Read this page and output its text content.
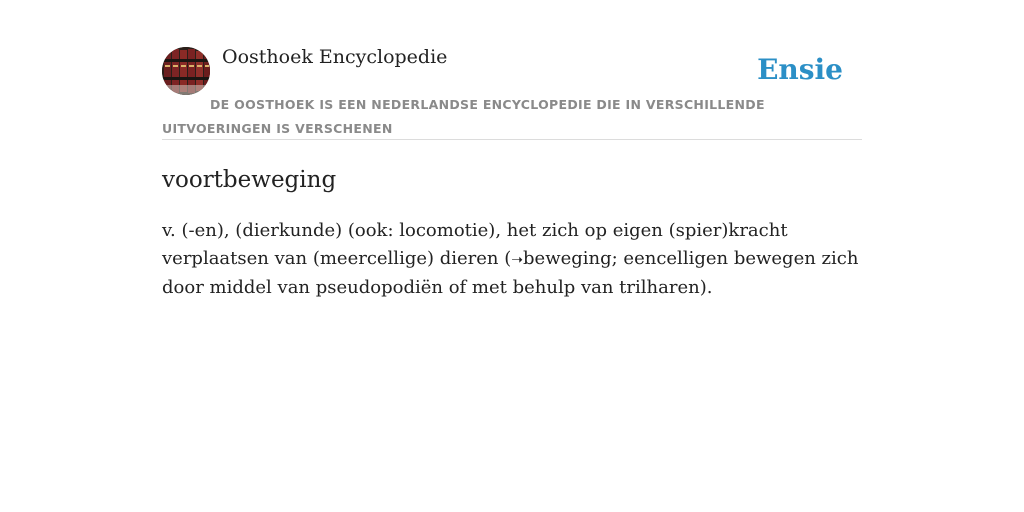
Oosthoek Encyclopedie	Ensie
DE OOSTHOEK IS EEN NEDERLANDSE ENCYCLOPEDIE DIE IN VERSCHILLENDE UITVOERINGEN IS VERSCHENEN
voortbeweging
v. (-en), (dierkunde) (ook: locomotie), het zich op eigen (spier)kracht verplaatsen van (meercellige) dieren (➝beweging; eencelligen bewegen zich door middel van pseudopodiën of met behulp van trilharen).
